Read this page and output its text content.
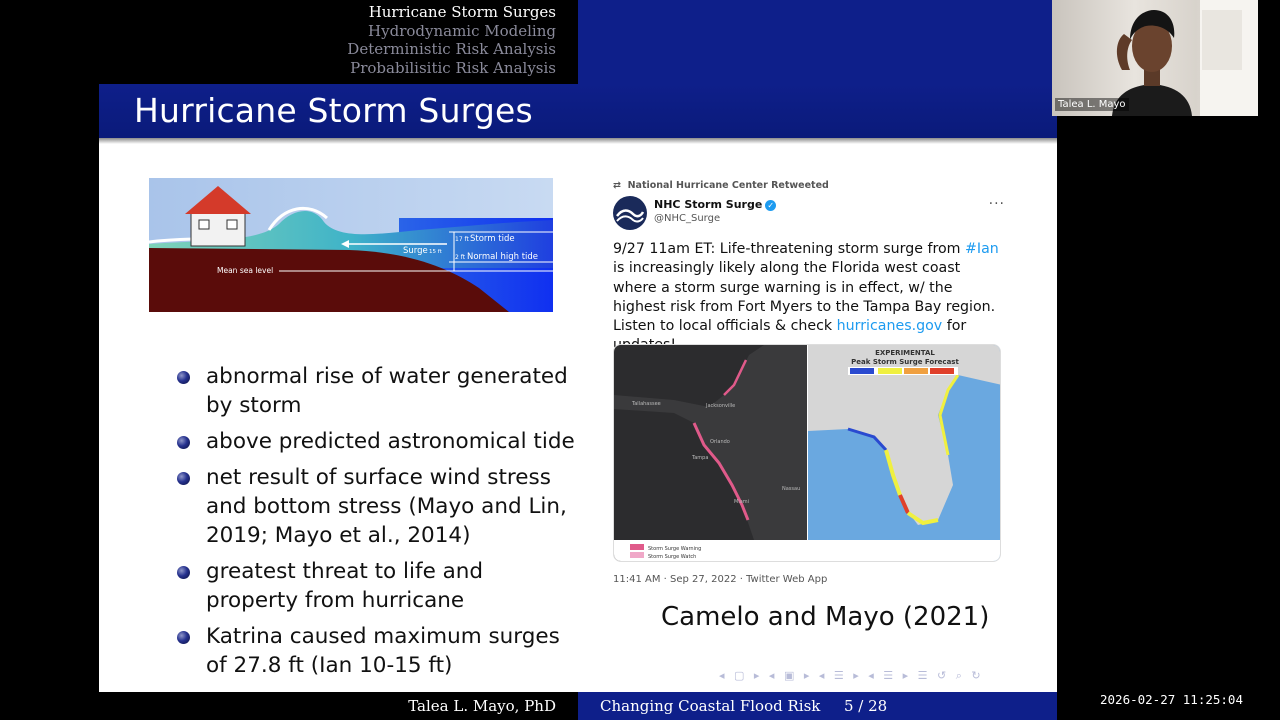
Hurricane Storm Surges
Hydrodynamic Modeling
Deterministic Risk Analysis
Probabilisitic Risk Analysis
Hurricane Storm Surges
17 ft Storm tide
Surge 15 ft
2 ft Normal high tide
Mean sea level
abnormal rise of water generated by storm
above predicted astronomical tide
net result of surface wind stress and bottom stress (Mayo and Lin, 2019; Mayo et al., 2014)
greatest threat to life and property from hurricane
Katrina caused maximum surges of 27.8 ft (Ian 10-15 ft)
⇄ National Hurricane Center Retweeted
NHC Storm Surge ✓
@NHC_Surge
···
9/27 11am ET: Life-threatening storm surge from #Ian is increasingly likely along the Florida west coast where a storm surge warning is in effect, w/ the highest risk from Fort Myers to the Tampa Bay region. Listen to local officials & check hurricanes.gov for
Tallahassee	Jacksonville
Orlando
Tampa
Miami
Nassau
Storm Surge Warning
Storm Surge Watch
EXPERIMENTAL
Peak Storm Surge Forecast
11:41 AM · Sep 27, 2022 · Twitter Web App
Camelo and Mayo (2021)
◂ ▢ ▸ ◂ ▣ ▸ ◂ ☰ ▸ ◂ ☰ ▸ ☰ ↺ ⌕ ↻
Talea L. Mayo, PhD	Changing Coastal Flood Risk 5 / 28
Talea L. Mayo
2026-02-27 11:25:04
